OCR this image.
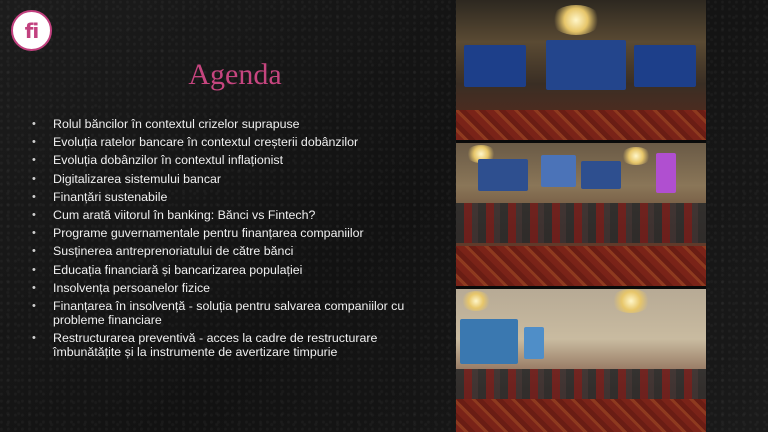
fi
Agenda
• Rolul băncilor în contextul crizelor suprapuse
• Evoluția ratelor bancare în contextul creșterii dobânzilor
• Evoluția dobânzilor în contextul inflaționist
• Digitalizarea sistemului bancar
• Finanțări sustenabile
• Cum arată viitorul în banking: Bănci vs Fintech?
• Programe guvernamentale pentru finanțarea companiilor
• Susținerea antreprenoriatului de către bănci
• Educația financiară și bancarizarea populației
• Insolvența persoanelor fizice
• Finanțarea în insolvență - soluția pentru salvarea companiilor cu probleme financiare
• Restructurarea preventivă - acces la cadre de restructurare îmbunătățite și la instrumente de avertizare timpurie
